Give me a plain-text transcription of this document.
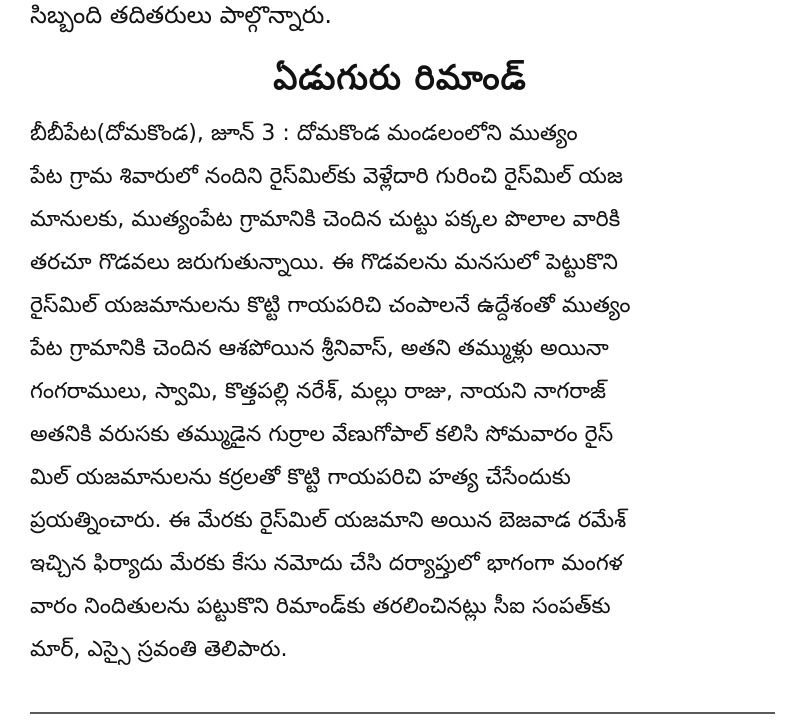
సిబ్బంది తదితరులు పాల్గొన్నారు.
ఏడుగురు రిమాండ్
బీబీపేట(దోమకొండ), జూన్ 3 : దోమకొండ మండలంలోని ముత్యం
పేట గ్రామ శివారులో నందిని రైస్‌మిల్‌కు వెళ్లేదారి గురించి రైస్‌మిల్ యజ
మానులకు, ముత్యంపేట గ్రామానికి చెందిన చుట్టు పక్కల పొలాల వారికి
తరచూ గొడవలు జరుగుతున్నాయి. ఈ గొడవలను మనసులో పెట్టుకొని
రైస్‌మిల్ యజమానులను కొట్టి గాయపరిచి చంపాలనే ఉద్దేశంతో ముత్యం
పేట గ్రామానికి చెందిన ఆశపోయిన శ్రీనివాస్, అతని తమ్ముళ్లు అయినా
గంగరాములు, స్వామి, కొత్తపల్లి నరేశ్, మల్లు రాజు, నాయని నాగరాజ్
అతనికి వరుసకు తమ్ముడైన గుర్రాల వేణుగోపాల్ కలిసి సోమవారం రైస్
మిల్ యజమానులను కర్రలతో కొట్టి గాయపరిచి హత్య చేసేందుకు
ప్రయత్నించారు. ఈ మేరకు రైస్‌మిల్ యజమాని అయిన బెజవాడ రమేశ్
ఇచ్చిన ఫిర్యాదు మేరకు కేసు నమోదు చేసి దర్యాప్తులో భాగంగా మంగళ
వారం నిందితులను పట్టుకొని రిమాండ్‌కు తరలించినట్లు సీఐ సంపత్‌కు
మార్, ఎస్సై స్రవంతి తెలిపారు.
